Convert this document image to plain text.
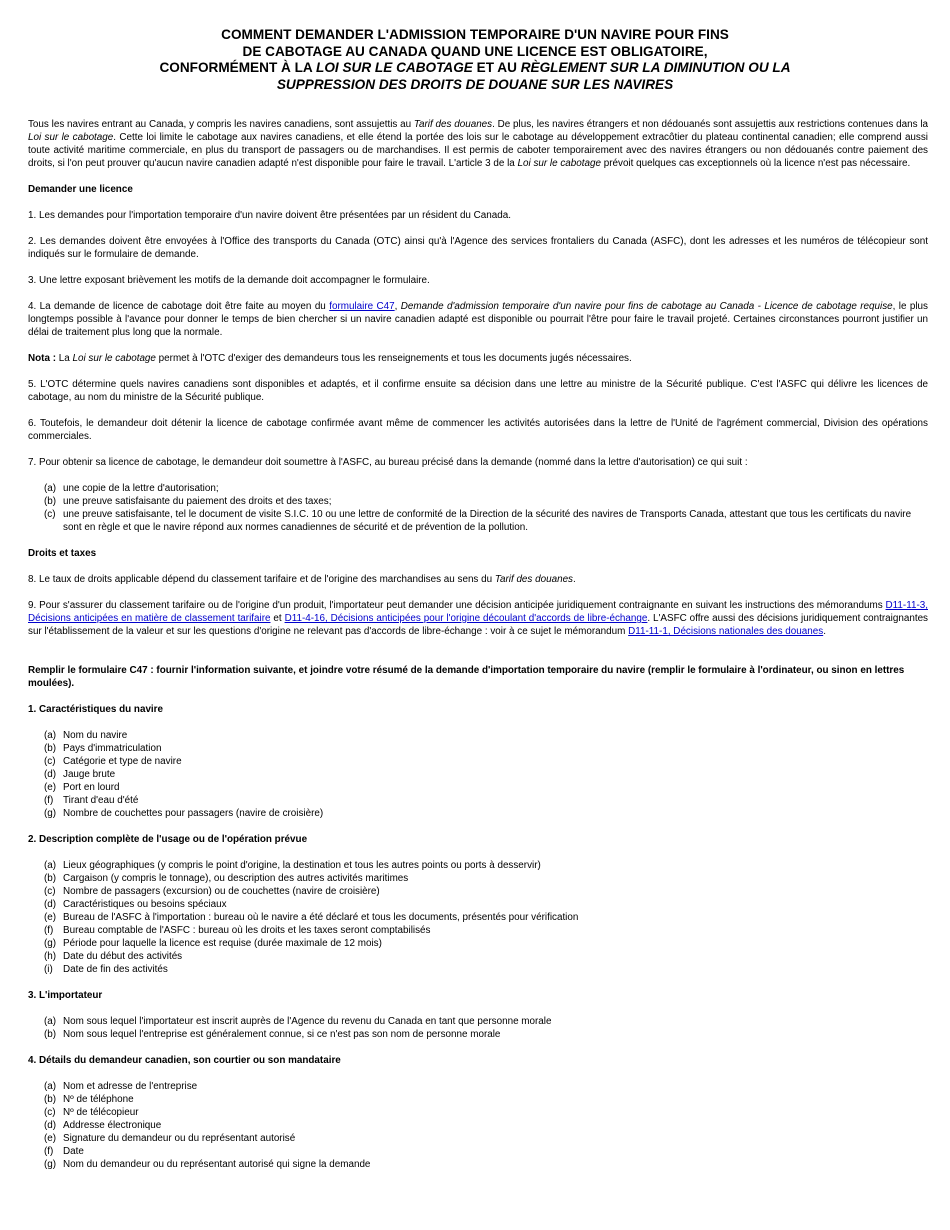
COMMENT DEMANDER L'ADMISSION TEMPORAIRE D'UN NAVIRE POUR FINS
DE CABOTAGE AU CANADA QUAND UNE LICENCE EST OBLIGATOIRE,
CONFORMÉMENT À LA LOI SUR LE CABOTAGE ET AU RÈGLEMENT SUR LA DIMINUTION OU LA
SUPPRESSION DES DROITS DE DOUANE SUR LES NAVIRES

Tous les navires entrant au Canada, y compris les navires canadiens, sont assujettis au Tarif des douanes. De plus, les navires étrangers et non dédouanés sont assujettis aux restrictions contenues dans la Loi sur le cabotage. Cette loi limite le cabotage aux navires canadiens, et elle étend la portée des lois sur le cabotage au développement extracôtier du plateau continental canadien; elle comprend aussi toute activité maritime commerciale, en plus du transport de passagers ou de marchandises. Il est permis de caboter temporairement avec des navires étrangers ou non dédouanés contre paiement des droits, si l'on peut prouver qu'aucun navire canadien adapté n'est disponible pour faire le travail. L'article 3 de la Loi sur le cabotage prévoit quelques cas exceptionnels où la licence n'est pas nécessaire.

Demander une licence

1. Les demandes pour l'importation temporaire d'un navire doivent être présentées par un résident du Canada.

2. Les demandes doivent être envoyées à l'Office des transports du Canada (OTC) ainsi qu'à l'Agence des services frontaliers du Canada (ASFC), dont les adresses et les numéros de télécopieur sont indiqués sur le formulaire de demande.

3. Une lettre exposant brièvement les motifs de la demande doit accompagner le formulaire.

4. La demande de licence de cabotage doit être faite au moyen du formulaire C47, Demande d'admission temporaire d'un navire pour fins de cabotage au Canada - Licence de cabotage requise, le plus longtemps possible à l'avance pour donner le temps de bien chercher si un navire canadien adapté est disponible ou pourrait l'être pour faire le travail projeté. Certaines circonstances pourront justifier un délai de traitement plus long que la normale.

Nota : La Loi sur le cabotage permet à l'OTC d'exiger des demandeurs tous les renseignements et tous les documents jugés nécessaires.

5. L'OTC détermine quels navires canadiens sont disponibles et adaptés, et il confirme ensuite sa décision dans une lettre au ministre de la Sécurité publique. C'est l'ASFC qui délivre les licences de cabotage, au nom du ministre de la Sécurité publique.

6. Toutefois, le demandeur doit détenir la licence de cabotage confirmée avant même de commencer les activités autorisées dans la lettre de l'Unité de l'agrément commercial, Division des opérations commerciales.

7. Pour obtenir sa licence de cabotage, le demandeur doit soumettre à l'ASFC, au bureau précisé dans la demande (nommé dans la lettre d'autorisation) ce qui suit :

(a) une copie de la lettre d'autorisation;
(b) une preuve satisfaisante du paiement des droits et des taxes;
(c) une preuve satisfaisante, tel le document de visite S.I.C. 10 ou une lettre de conformité de la Direction de la sécurité des navires de Transports Canada, attestant que tous les certificats du navire sont en règle et que le navire répond aux normes canadiennes de sécurité et de prévention de la pollution.
Droits et taxes

8. Le taux de droits applicable dépend du classement tarifaire et de l'origine des marchandises au sens du Tarif des douanes.

9. Pour s'assurer du classement tarifaire ou de l'origine d'un produit, l'importateur peut demander une décision anticipée juridiquement contraignante en suivant les instructions des mémorandums D11-11-3, Décisions anticipées en matière de classement tarifaire et D11-4-16, Décisions anticipées pour l'origine découlant d'accords de libre-échange. L'ASFC offre aussi des décisions juridiquement contraignantes sur l'établissement de la valeur et sur les questions d'origine ne relevant pas d'accords de libre-échange : voir à ce sujet le mémorandum D11-11-1, Décisions nationales des douanes.

Remplir le formulaire C47 : fournir l'information suivante, et joindre votre résumé de la demande d'importation temporaire du navire (remplir le formulaire à l'ordinateur, ou sinon en lettres moulées).
1. Caractéristiques du navire
(a) Nom du navire
(b) Pays d'immatriculation
(c) Catégorie et type de navire
(d) Jauge brute
(e) Port en lourd
(f) Tirant d'eau d'été
(g) Nombre de couchettes pour passagers (navire de croisière)
2. Description complète de l'usage ou de l'opération prévue
(a) Lieux géographiques (y compris le point d'origine, la destination et tous les autres points ou ports à desservir)
(b) Cargaison (y compris le tonnage), ou description des autres activités maritimes
(c) Nombre de passagers (excursion) ou de couchettes (navire de croisière)
(d) Caractéristiques ou besoins spéciaux
(e) Bureau de l'ASFC à l'importation : bureau où le navire a été déclaré et tous les documents, présentés pour vérification
(f) Bureau comptable de l'ASFC : bureau où les droits et les taxes seront comptabilisés
(g) Période pour laquelle la licence est requise (durée maximale de 12 mois)
(h) Date du début des activités
(i) Date de fin des activités
3. L'importateur
(a) Nom sous lequel l'importateur est inscrit auprès de l'Agence du revenu du Canada en tant que personne morale
(b) Nom sous lequel l'entreprise est généralement connue, si ce n'est pas son nom de personne morale
4. Détails du demandeur canadien, son courtier ou son mandataire
(a) Nom et adresse de l'entreprise
(b) Nº de téléphone
(c) Nº de télécopieur
(d) Addresse électronique
(e) Signature du demandeur ou du représentant autorisé
(f) Date
(g) Nom du demandeur ou du représentant autorisé qui signe la demande
